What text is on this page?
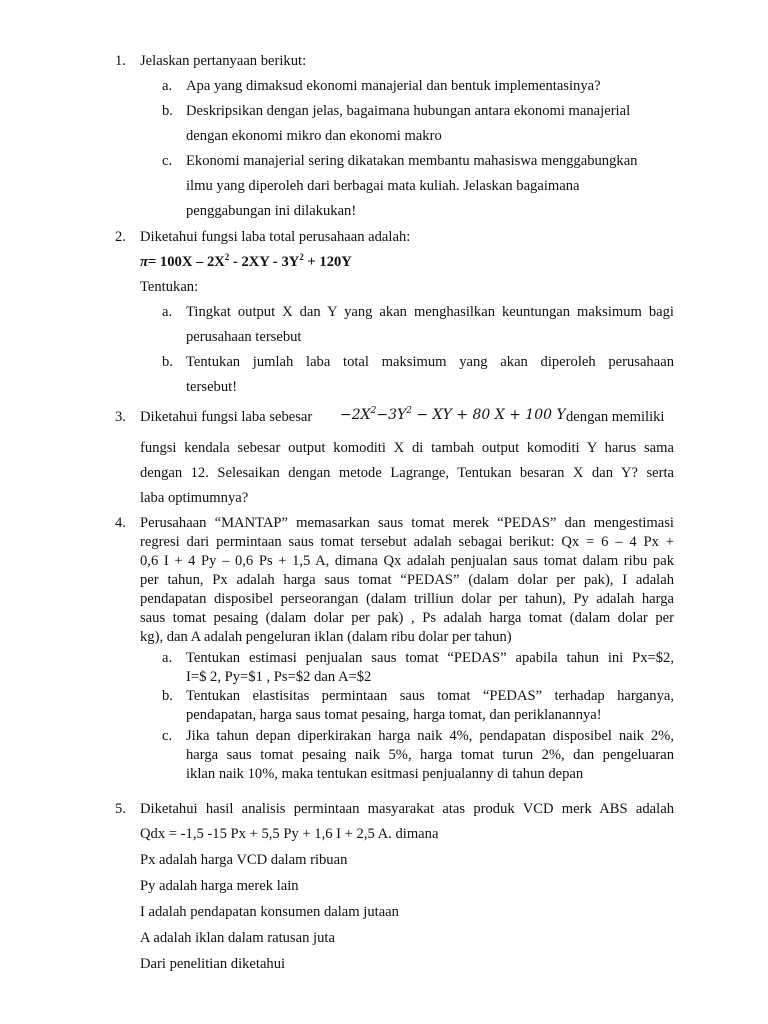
1. Jelaskan pertanyaan berikut:
a. Apa yang dimaksud ekonomi manajerial dan bentuk implementasinya?
b. Deskripsikan dengan jelas, bagaimana hubungan antara ekonomi manajerial
dengan ekonomi mikro dan ekonomi makro
c. Ekonomi manajerial sering dikatakan membantu mahasiswa menggabungkan
ilmu yang diperoleh dari berbagai mata kuliah. Jelaskan bagaimana
penggabungan ini dilakukan!
2. Diketahui fungsi laba total perusahaan adalah:
$\pi= 100X - 2X^2 - 2XY - 3Y^2 + 120Y$
Tentukan:
a. Tingkat output X dan Y yang akan menghasilkan keuntungan maksimum bagi
perusahaan tersebut
b. Tentukan jumlah laba total maksimum yang akan diperoleh perusahaan
tersebut!
3. Diketahui fungsi laba sebesar $-2X^2-3Y^2$ − XY + 80 X + 100 Y dengan memiliki
fungsi kendala sebesar output komoditi X di tambah output komoditi Y harus sama
dengan 12. Selesaikan dengan metode Lagrange, Tentukan besaran X dan Y? serta
laba optimumnya?
4. Perusahaan “MANTAP” memasarkan saus tomat merek “PEDAS” dan mengestimasi
regresi dari permintaan saus tomat tersebut adalah sebagai berikut: Qx = 6 – 4 Px +
0,6 I + 4 Py – 0,6 Ps + 1,5 A, dimana Qx adalah penjualan saus tomat dalam ribu pak
per tahun, Px adalah harga saus tomat “PEDAS” (dalam dolar per pak), I adalah
pendapatan disposibel perseorangan (dalam trilliun dolar per tahun), Py adalah harga
saus tomat pesaing (dalam dolar per pak) , Ps adalah harga tomat (dalam dolar per
kg), dan A adalah pengeluran iklan (dalam ribu dolar per tahun)
a. Tentukan estimasi penjualan saus tomat “PEDAS” apabila tahun ini Px=$2,
I=$ 2, Py=$1 , Ps=$2 dan A=$2
b. Tentukan elastisitas permintaan saus tomat “PEDAS” terhadap harganya,
pendapatan, harga saus tomat pesaing, harga tomat, dan periklanannya!
c. Jika tahun depan diperkirakan harga naik 4%, pendapatan disposibel naik 2%,
harga saus tomat pesaing naik 5%, harga tomat turun 2%, dan pengeluaran
iklan naik 10%, maka tentukan esitmasi penjualanny di tahun depan
5. Diketahui hasil analisis permintaan masyarakat atas produk VCD merk ABS adalah
Qdx = -1,5 -15 Px + 5,5 Py + 1,6 I + 2,5 A. dimana
Px adalah harga VCD dalam ribuan
Py adalah harga merek lain
I adalah pendapatan konsumen dalam jutaan
A adalah iklan dalam ratusan juta
Dari penelitian diketahui
